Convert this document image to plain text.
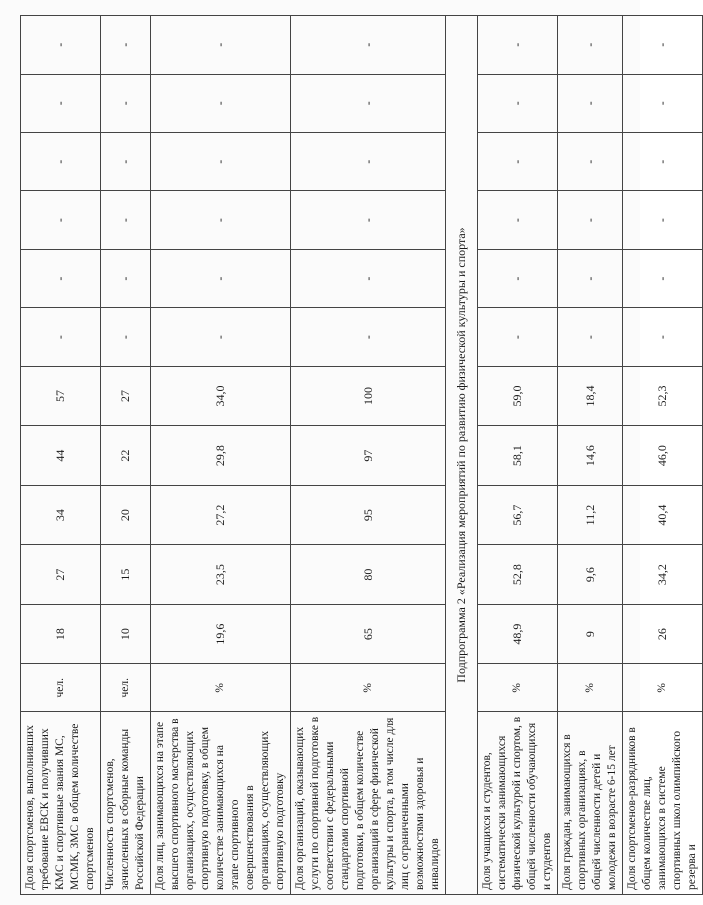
Доля спортсменов, выполнивших требование ЕВСК и получивших КМС и спортивные звания МС, МСМК, ЗМС в общем количестве спортсменов	чел.	18	27	34	44	57	-	-	-	-	-	-
Численность спортсменов, зачисленных в сборные команды Российской Федерации	чел.	10	15	20	22	27	-	-	-	-	-	-
Доля лиц, занимающихся на этапе высшего спортивного мастерства в организациях, осуществляющих спортивную подготовку, в общем количестве занимающихся на этапе спортивного совершенствования в организациях, осуществляющих спортивную подготовку	%	19,6	23,5	27,2	29,8	34,0	-	-	-	-	-	-
Доля организаций, оказывающих услуги по спортивной подготовке в соответствии с федеральными стандартами спортивной подготовки, в общем количестве организаций в сфере физической культуры и спорта, в том числе для лиц с ограниченными возможностями здоровья и инвалидов	%	65	80	95	97	100	-	-	-	-	-	-
Подпрограмма 2 «Реализация мероприятий по развитию физической культуры и спорта»												
Доля учащихся и студентов, систематически занимающихся физической культурой и спортом, в общей численности обучающихся и студентов	%	48,9	52,8	56,7	58,1	59,0	-	-	-	-	-	-
Доля граждан, занимающихся в спортивных организациях, в общей численности детей и молодежи в возрасте 6-15 лет	%	9	9,6	11,2	14,6	18,4	-	-	-	-	-	-
Доля спортсменов-разрядников в общем количестве лиц, занимающихся в системе спортивных школ олимпийского резерва и	%	26	34,2	40,4	46,0	52,3	-	-	-	-	-	-
